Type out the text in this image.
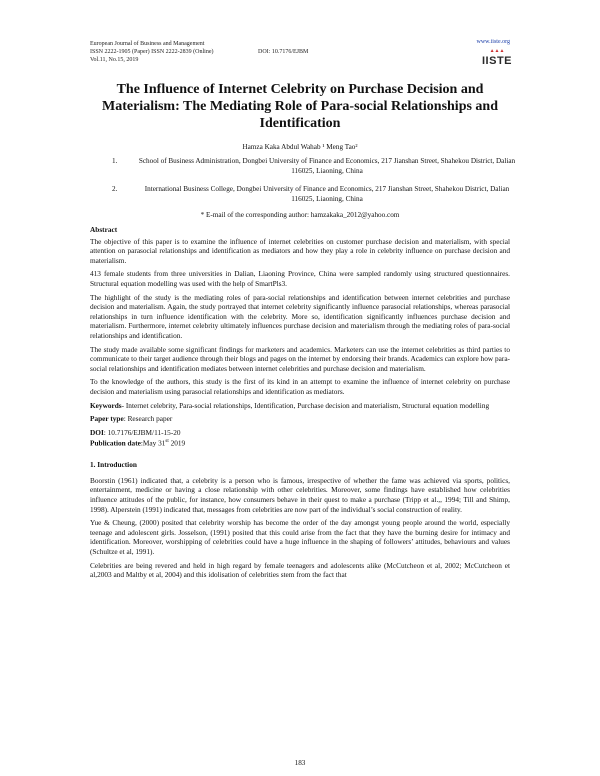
European Journal of Business and Management
ISSN 2222-1905 (Paper) ISSN 2222-2839 (Online)
Vol.11, No.15, 2019
DOI: 10.7176/EJBM
www.iiste.org
▲▲▲
IISTE
The Influence of Internet Celebrity on Purchase Decision and Materialism: The Mediating Role of Para-social Relationships and Identification
Hamza Kaka Abdul Wahab ¹ Meng Tao²
1.	School of Business Administration, Dongbei University of Finance and Economics, 217 Jianshan Street, Shahekou District, Dalian 116025, Liaoning, China
2.	International Business College, Dongbei University of Finance and Economics, 217 Jianshan Street, Shahekou District, Dalian 116025, Liaoning, China
* E-mail of the corresponding author: hamzakaka_2012@yahoo.com

Abstract

The objective of this paper is to examine the influence of internet celebrities on customer purchase decision and materialism, with special attention on parasocial relationships and identification as mediators and how they play a role in celebrity influence on purchase decision and materialism.

413 female students from three universities in Dalian, Liaoning Province, China were sampled randomly using structured questionnaires. Structural equation modelling was used with the help of SmartPls3.

The highlight of the study is the mediating roles of para-social relationships and identification between internet celebrities and purchase decision and materialism. Again, the study portrayed that internet celebrity significantly influence parasocial relationships, whereas parasocial relationships in turn influence identification with the celebrity. More so, identification significantly influences purchase decision and materialism. Furthermore, internet celebrity ultimately influences purchase decision and materialism through the mediating roles of para-social relationships and identification.

The study made available some significant findings for marketers and academics. Marketers can use the internet celebrities as third parties to communicate to their target audience through their blogs and pages on the internet by endorsing their brands. Academics can explore how para-social relationships and identification mediates between internet celebrities and purchase decision and materialism.

To the knowledge of the authors, this study is the first of its kind in an attempt to examine the influence of internet celebrity on purchase decision and materialism using parasocial relationships and identification as mediators.

Keywords- Internet celebrity, Para-social relationships, Identification, Purchase decision and materialism, Structural equation modelling

Paper type: Research paper

DOI: 10.7176/EJBM/11-15-20

Publication date:May 31st 2019

1. Introduction

Boorstin (1961) indicated that, a celebrity is a person who is famous, irrespective of whether the fame was achieved via sports, politics, entertainment, medicine or having a close relationship with other celebrities. Moreover, some findings have established how celebrities influence attitudes of the public, for instance, how consumers behave in their quest to make a purchase (Tripp et al.,, 1994; Till and Shimp, 1998). Alperstein (1991) indicated that, messages from celebrities are now part of the individual’s social construction of reality.

Yue & Cheung, (2000) posited that celebrity worship has become the order of the day amongst young people around the world, especially teenage and adolescent girls. Josselson, (1991) posited that this could arise from the fact that they have the burning desire for intimacy and identification. Moreover, worshipping of celebrities could have a huge influence in the shaping of followers’ attitudes, behaviours and values (Schultze et al, 1991).

Celebrities are being revered and held in high regard by female teenagers and adolescents alike (McCutcheon et al, 2002; McCutcheon et al,2003 and Maltby et al, 2004) and this idolisation of celebrities stem from the fact that

183
